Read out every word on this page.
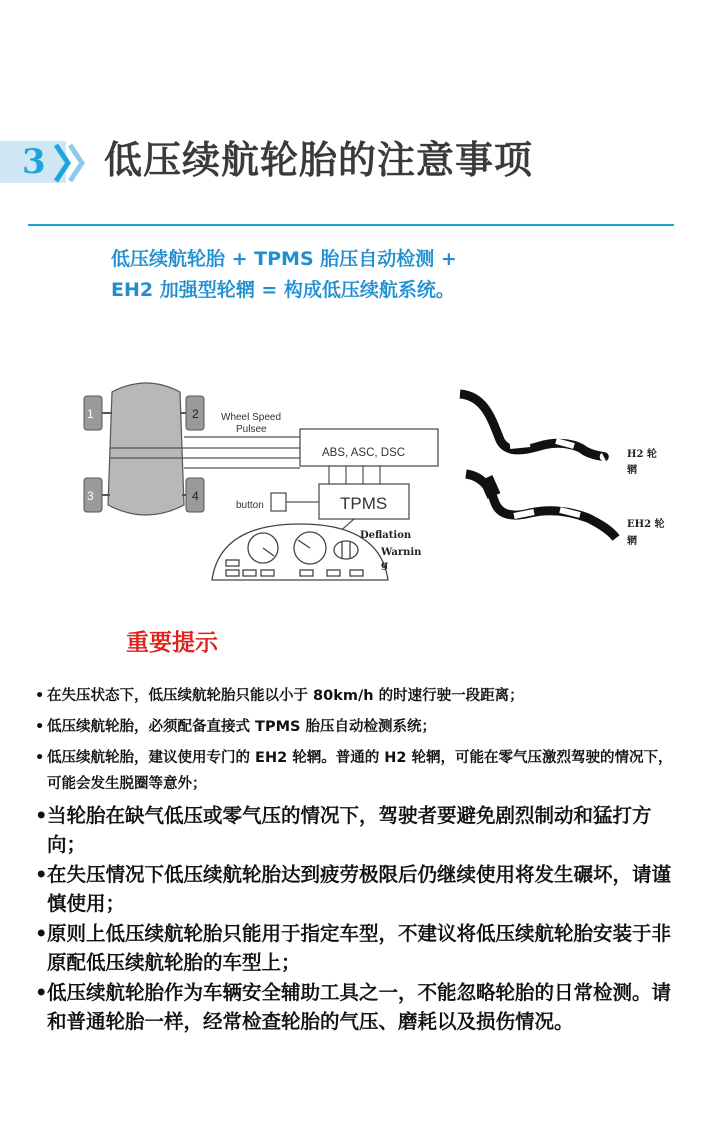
3 低压续航轮胎的注意事项
低压续航轮胎 + TPMS 胎压自动检测 +
EH2 加强型轮辋 = 构成低压续航系统。
1	2
3	4
Wheel Speed
Pulsee
ABS, ASC, DSC
TPMS
button
Deflation
Warnin
g
H2 轮
辋
EH2 轮
辋
重要提示
• 在失压状态下，低压续航轮胎只能以小于 80km/h 的时速行驶一段距离；
• 低压续航轮胎，必须配备直接式 TPMS 胎压自动检测系统；
• 低压续航轮胎，建议使用专门的 EH2 轮辋。普通的 H2 轮辋，可能在零气压激烈驾驶的情况下，可能会发生脱圈等意外；
• 当轮胎在缺气低压或零气压的情况下，驾驶者要避免剧烈制动和猛打方向；
• 在失压情况下低压续航轮胎达到疲劳极限后仍继续使用将发生碾坏，请谨慎使用；
• 原则上低压续航轮胎只能用于指定车型，不建议将低压续航轮胎安装于非原配低压续航轮胎的车型上；
• 低压续航轮胎作为车辆安全辅助工具之一，不能忽略轮胎的日常检测。请和普通轮胎一样，经常检查轮胎的气压、磨耗以及损伤情况。
